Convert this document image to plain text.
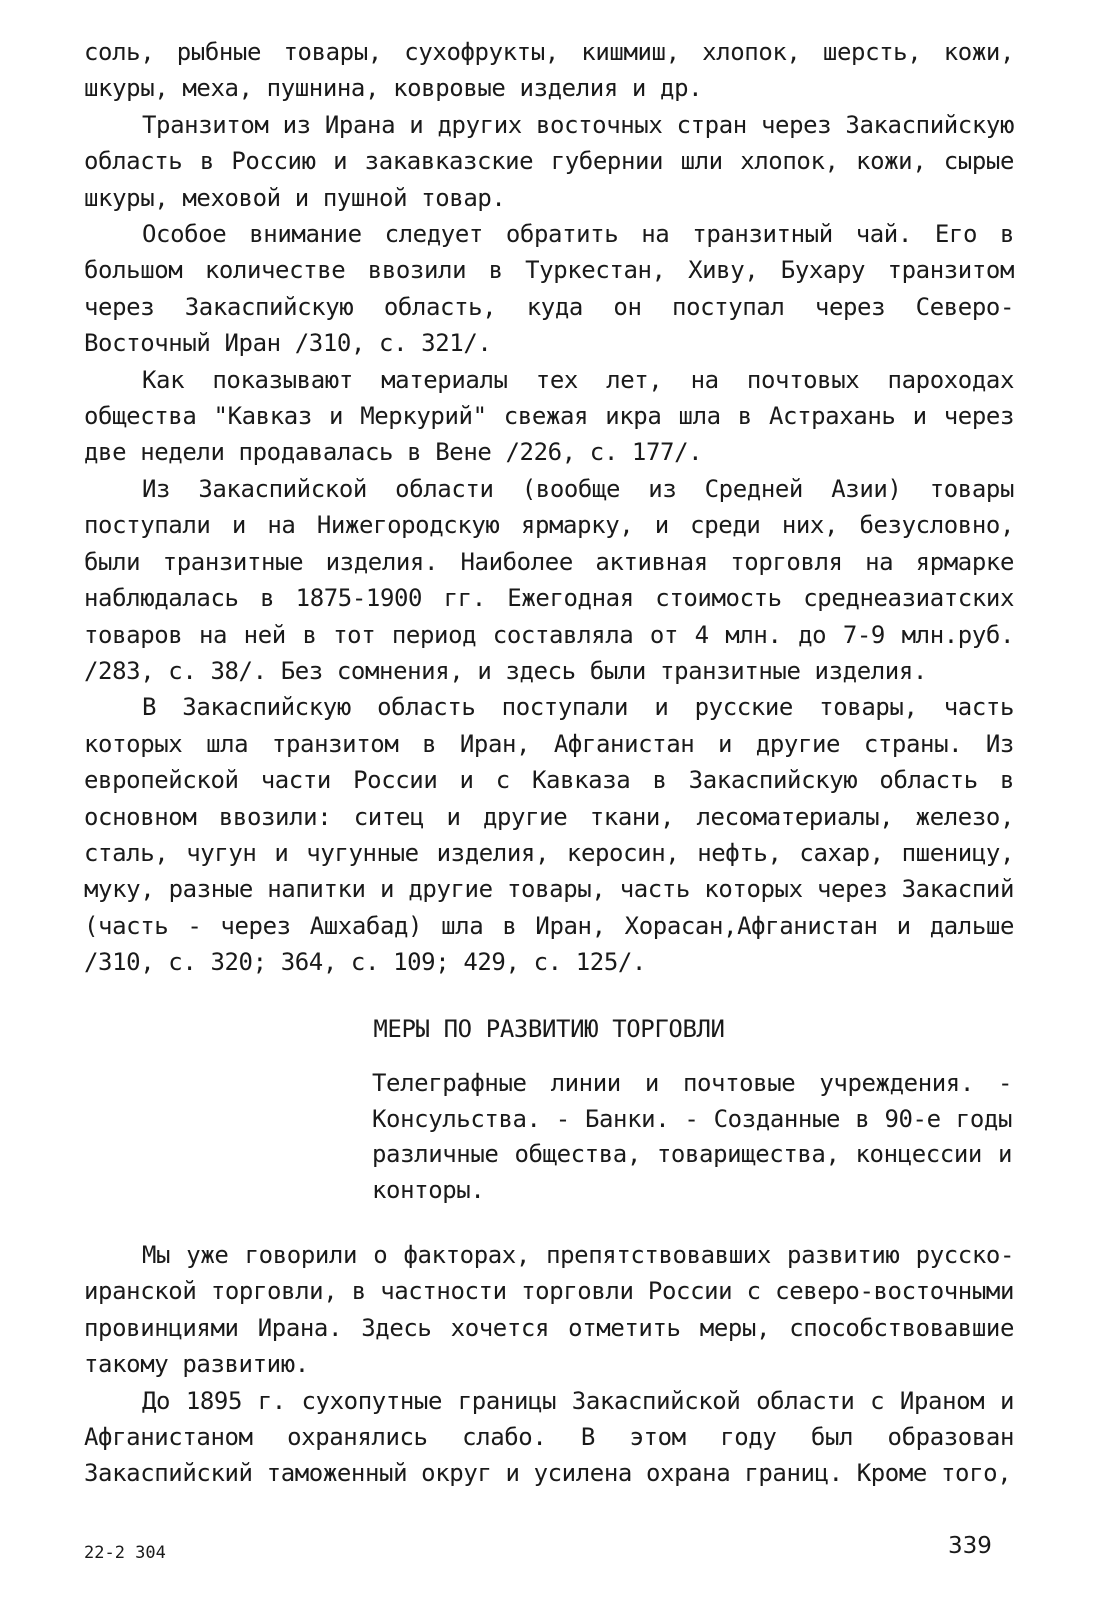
соль, рыбные товары, сухофрукты, кишмиш, хлопок, шерсть, кожи, шкуры, меха, пушнина, ковровые изделия и др.

Транзитом из Ирана и других восточных стран через Закаспийскую область в Россию и закавказские губернии шли хлопок, кожи, сырые шкуры, меховой и пушной товар.

Особое внимание следует обратить на транзитный чай. Его в большом количестве ввозили в Туркестан, Хиву, Бухару транзитом через Закаспийскую область, куда он поступал через Северо-Восточный Иран /310, с. 321/.

Как показывают материалы тех лет, на почтовых пароходах общества "Кавказ и Меркурий" свежая икра шла в Астрахань и через две недели продавалась в Вене /226, с. 177/.

Из Закаспийской области (вообще из Средней Азии) товары поступали и на Нижегородскую ярмарку, и среди них, безусловно, были транзитные изделия. Наиболее активная торговля на ярмарке наблюдалась в 1875-1900 гг. Ежегодная стоимость среднеазиатских товаров на ней в тот период составляла от 4 млн. до 7-9 млн.руб. /283, с. 38/. Без сомнения, и здесь были транзитные изделия.

В Закаспийскую область поступали и русские товары, часть которых шла транзитом в Иран, Афганистан и другие страны. Из европейской части России и с Кавказа в Закаспийскую область в основном ввозили: ситец и другие ткани, лесоматериалы, железо, сталь, чугун и чугунные изделия, керосин, нефть, сахар, пшеницу, муку, разные напитки и другие товары, часть которых через Закаспий (часть - через Ашхабад) шла в Иран, Хорасан,Афганистан и дальше /310, с. 320; 364, с. 109; 429, с. 125/.

МЕРЫ ПО РАЗВИТИЮ ТОРГОВЛИ

Телеграфные линии и почтовые учреждения. - Консульства. - Банки. - Созданные в 90-е годы различные общества, товарищества, концессии и конторы.

Мы уже говорили о факторах, препятствовавших развитию русско-иранской торговли, в частности торговли России с северо-восточными провинциями Ирана. Здесь хочется отметить меры, способствовавшие такому развитию.

До 1895 г. сухопутные границы Закаспийской области с Ираном и Афганистаном охранялись слабо. В этом году был образован Закаспийский таможенный округ и усилена охрана границ. Кроме того,

22-2 304	339
